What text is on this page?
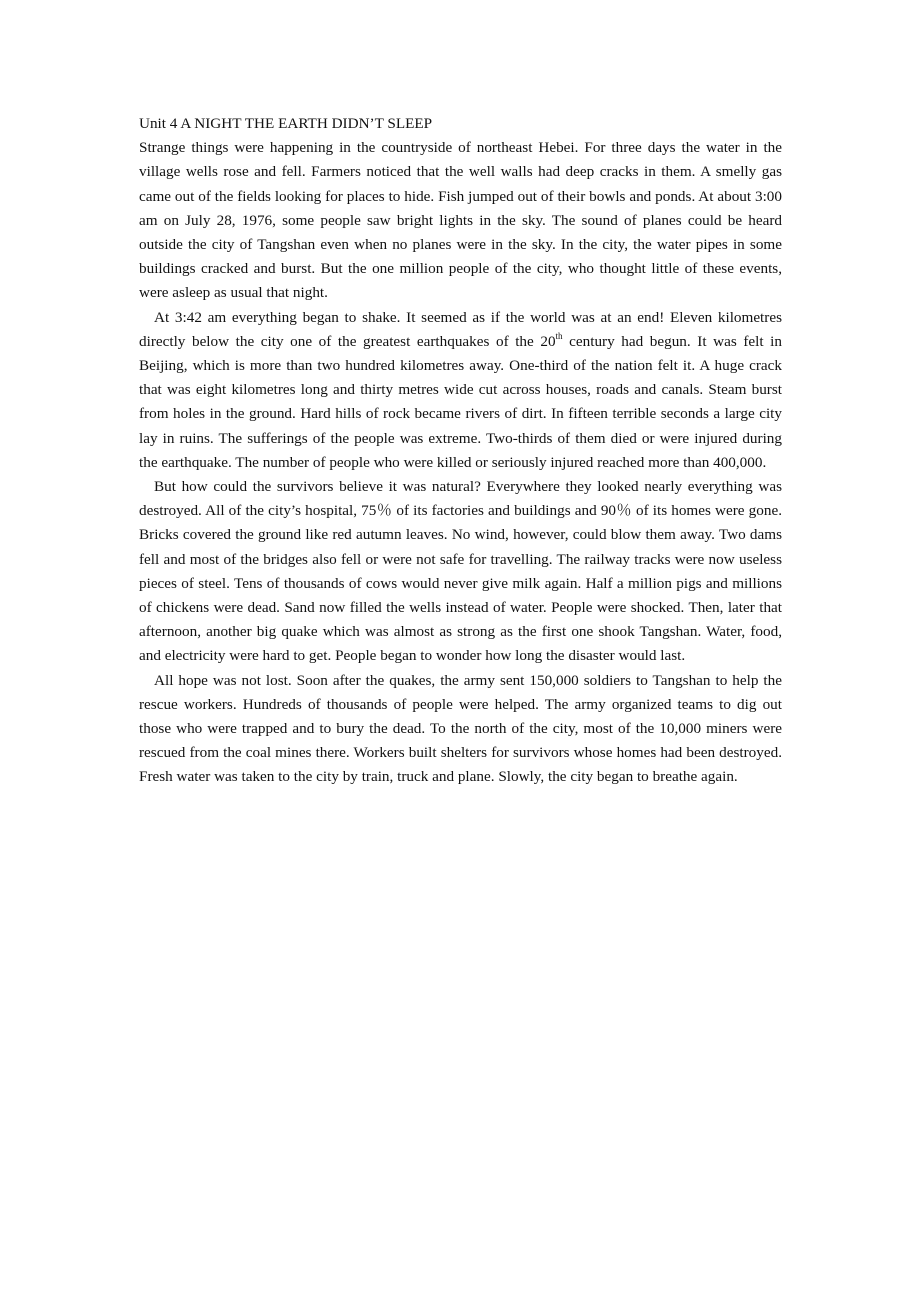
Unit 4 A NIGHT THE EARTH DIDN’T SLEEP

Strange things were happening in the countryside of northeast Hebei. For three days the water in the village wells rose and fell. Farmers noticed that the well walls had deep cracks in them. A smelly gas came out of the fields looking for places to hide. Fish jumped out of their bowls and ponds. At about 3:00 am on July 28, 1976, some people saw bright lights in the sky. The sound of planes could be heard outside the city of Tangshan even when no planes were in the sky. In the city, the water pipes in some buildings cracked and burst. But the one million people of the city, who thought little of these events, were asleep as usual that night.

At 3:42 am everything began to shake. It seemed as if the world was at an end! Eleven kilometres directly below the city one of the greatest earthquakes of the 20th century had begun. It was felt in Beijing, which is more than two hundred kilometres away. One-third of the nation felt it. A huge crack that was eight kilometres long and thirty metres wide cut across houses, roads and canals. Steam burst from holes in the ground. Hard hills of rock became rivers of dirt. In fifteen terrible seconds a large city lay in ruins. The sufferings of the people was extreme. Two-thirds of them died or were injured during the earthquake. The number of people who were killed or seriously injured reached more than 400,000.

But how could the survivors believe it was natural? Everywhere they looked nearly everything was destroyed. All of the city’s hospital, 75％ of its factories and buildings and 90％ of its homes were gone. Bricks covered the ground like red autumn leaves. No wind, however, could blow them away. Two dams fell and most of the bridges also fell or were not safe for travelling. The railway tracks were now useless pieces of steel. Tens of thousands of cows would never give milk again. Half a million pigs and millions of chickens were dead. Sand now filled the wells instead of water. People were shocked. Then, later that afternoon, another big quake which was almost as strong as the first one shook Tangshan. Water, food, and electricity were hard to get. People began to wonder how long the disaster would last.

All hope was not lost. Soon after the quakes, the army sent 150,000 soldiers to Tangshan to help the rescue workers. Hundreds of thousands of people were helped. The army organized teams to dig out those who were trapped and to bury the dead. To the north of the city, most of the 10,000 miners were rescued from the coal mines there. Workers built shelters for survivors whose homes had been destroyed. Fresh water was taken to the city by train, truck and plane. Slowly, the city began to breathe again.
